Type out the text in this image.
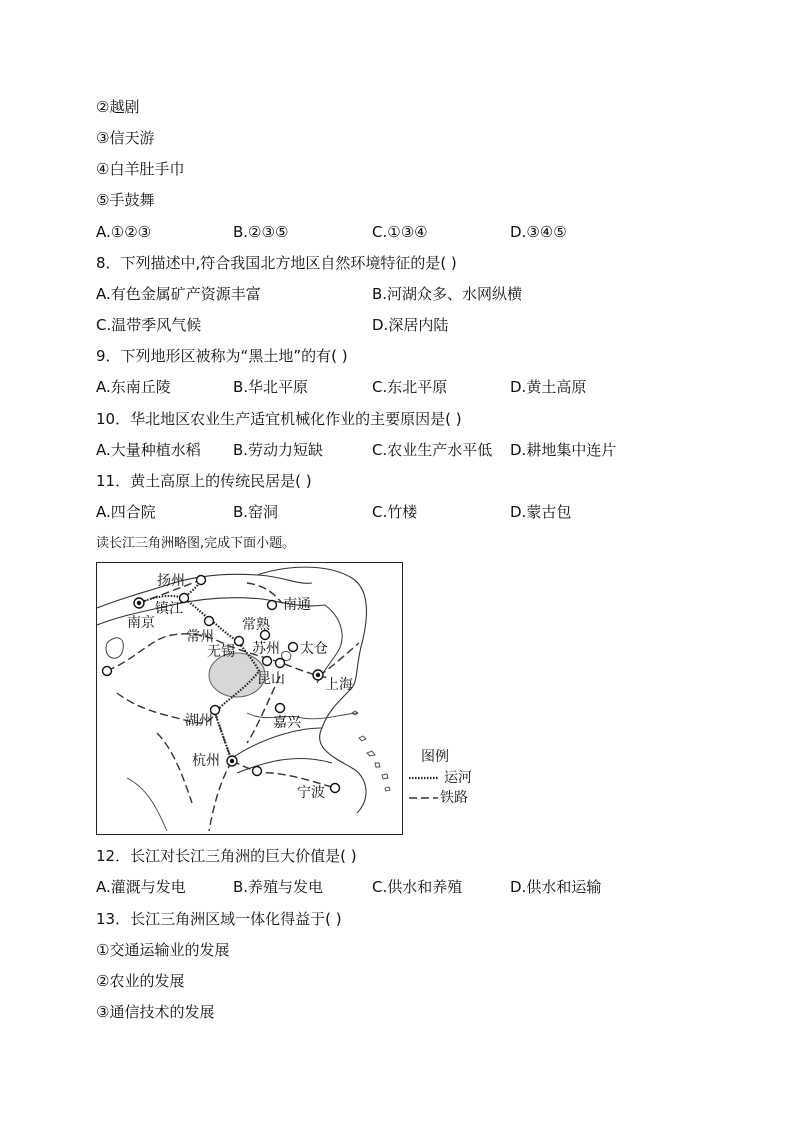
②越剧
③信天游
④白羊肚手巾
⑤手鼓舞
A.①②③	B.②③⑤	C.①③④	D.③④⑤
8．下列描述中,符合我国北方地区自然环境特征的是( )
A.有色金属矿产资源丰富	B.河湖众多、水网纵横
C.温带季风气候	D.深居内陆
9．下列地形区被称为“黑土地”的有( )
A.东南丘陵	B.华北平原	C.东北平原	D.黄土高原
10．华北地区农业生产适宜机械化作业的主要原因是( )
A.大量种植水稻 B.劳动力短缺	C.农业生产水平低 D.耕地集中连片
11．黄土高原上的传统民居是( )
A.四合院	B.窑洞	C.竹楼	D.蒙古包
读长江三角洲略图,完成下面小题。
扬州
镇江
南京
南通
常州
常熟
无锡 苏州 太仓
昆山	上海
湖州	嘉兴
杭州
宁波
图例
运河
铁路
12．长江对长江三角洲的巨大价值是( )
A.灌溉与发电	B.养殖与发电	C.供水和养殖	D.供水和运输
13．长江三角洲区域一体化得益于( )
①交通运输业的发展
②农业的发展
③通信技术的发展
